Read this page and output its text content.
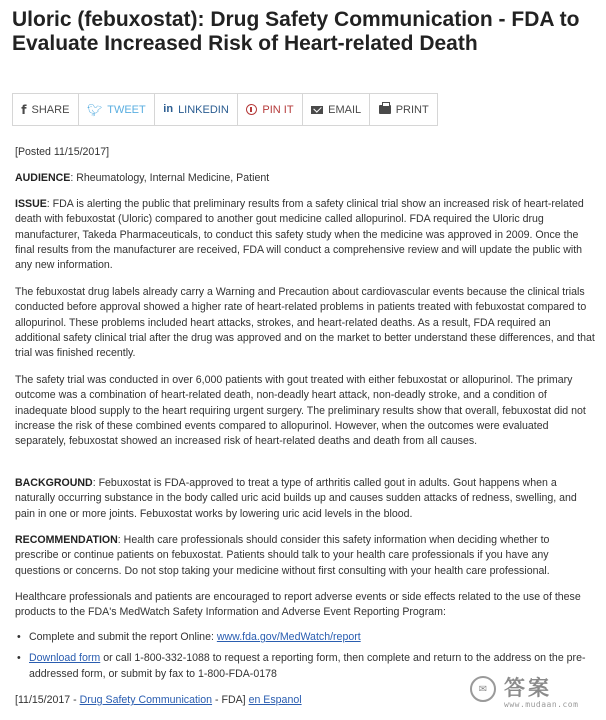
Uloric (febuxostat): Drug Safety Communication - FDA to Evaluate Increased Risk of Heart-related Death
f SHARE 🐦︎ TWEET in LINKEDIN	PIN IT	EMAIL	PRINT

[Posted 11/15/2017]

AUDIENCE: Rheumatology, Internal Medicine, Patient

ISSUE: FDA is alerting the public that preliminary results from a safety clinical trial show an increased risk of heart-related death with febuxostat (Uloric) compared to another gout medicine called allopurinol. FDA required the Uloric drug manufacturer, Takeda Pharmaceuticals, to conduct this safety study when the medicine was approved in 2009. Once the final results from the manufacturer are received, FDA will conduct a comprehensive review and will update the public with any new information.

The febuxostat drug labels already carry a Warning and Precaution about cardiovascular events because the clinical trials conducted before approval showed a higher rate of heart-related problems in patients treated with febuxostat compared to allopurinol. These problems included heart attacks, strokes, and heart-related deaths. As a result, FDA required an additional safety clinical trial after the drug was approved and on the market to better understand these differences, and that trial was finished recently.

The safety trial was conducted in over 6,000 patients with gout treated with either febuxostat or allopurinol. The primary outcome was a combination of heart-related death, non-deadly heart attack, non-deadly stroke, and a condition of inadequate blood supply to the heart requiring urgent surgery. The preliminary results show that overall, febuxostat did not increase the risk of these combined events compared to allopurinol. However, when the outcomes were evaluated separately, febuxostat showed an increased risk of heart-related deaths and death from all causes.

BACKGROUND: Febuxostat is FDA-approved to treat a type of arthritis called gout in adults. Gout happens when a naturally occurring substance in the body called uric acid builds up and causes sudden attacks of redness, swelling, and pain in one or more joints. Febuxostat works by lowering uric acid levels in the blood.

RECOMMENDATION: Health care professionals should consider this safety information when deciding whether to prescribe or continue patients on febuxostat. Patients should talk to your health care professionals if you have any questions or concerns. Do not stop taking your medicine without first consulting with your health care professional.

Healthcare professionals and patients are encouraged to report adverse events or side effects related to the use of these products to the FDA's MedWatch Safety Information and Adverse Event Reporting Program:

• Complete and submit the report Online: www.fda.gov/MedWatch/report
• Download form or call 1-800-332-1088 to request a reporting form, then complete and return to the address on the pre-addressed form, or submit by fax to 1-800-FDA-0178

[11/15/2017 - Drug Safety Communication - FDA] en Espanol

✉ 答案
www.mudaan.com
